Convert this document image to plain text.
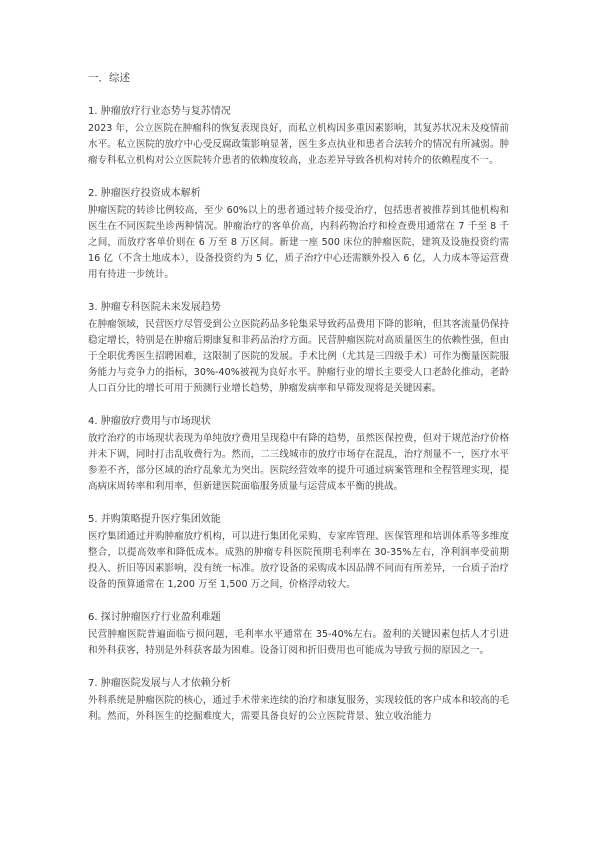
一．综述
1. 肿瘤放疗行业态势与复苏情况

2023 年，公立医院在肿瘤科的恢复表现良好，而私立机构因多重因素影响，其复苏状况未及疫情前水平。私立医院的放疗中心受反腐政策影响显著，医生多点执业和患者合法转介的情况有所减弱。肿瘤专科私立机构对公立医院转介患者的依赖度较高，业态差异导致各机构对转介的依赖程度不一。

2. 肿瘤医疗投资成本解析

肿瘤医院的转诊比例较高，至少 60%以上的患者通过转介接受治疗，包括患者被推荐到其他机构和医生在不同医院坐诊两种情况。肿瘤治疗的客单价高，内科药物治疗和检查费用通常在 7 千至 8 千之间，而放疗客单价则在 6 万至 8 万区间。新建一座 500 床位的肿瘤医院，建筑及设施投资约需 16 亿（不含土地成本），设备投资约为 5 亿，质子治疗中心还需额外投入 6 亿，人力成本等运营费用有待进一步统计。

3. 肿瘤专科医院未来发展趋势

在肿瘤领域，民营医疗尽管受到公立医院药品多轮集采导致药品费用下降的影响，但其客流量仍保持稳定增长，特别是在肿瘤后期康复和非药品治疗方面。民营肿瘤医院对高质量医生的依赖性强，但由于全职优秀医生招聘困难，这限制了医院的发展。手术比例（尤其是三四级手术）可作为衡量医院服务能力与竞争力的指标，30%-40%被视为良好水平。肿瘤行业的增长主要受人口老龄化推动，老龄人口百分比的增长可用于预测行业增长趋势，肿瘤发病率和早筛发现将是关键因素。

4. 肿瘤放疗费用与市场现状

放疗治疗的市场现状表现为单纯放疗费用呈现稳中有降的趋势，虽然医保控费，但对于规范治疗价格并未下调，同时打击乱收费行为。然而，二三线城市的放疗市场存在混乱，治疗剂量不一，医疗水平参差不齐，部分区域的治疗乱象尤为突出。医院经营效率的提升可通过病案管理和全程管理实现，提高病床周转率和利用率，但新建医院面临服务质量与运营成本平衡的挑战。

5. 并购策略提升医疗集团效能

医疗集团通过并购肿瘤放疗机构，可以进行集团化采购、专家库管理、医保管理和培训体系等多维度整合，以提高效率和降低成本。成熟的肿瘤专科医院预期毛利率在 30-35%左右，净利润率受前期投入、折旧等因素影响，没有统一标准。放疗设备的采购成本因品牌不同而有所差异，一台质子治疗设备的预算通常在 1,200 万至 1,500 万之间，价格浮动较大。

6. 探讨肿瘤医疗行业盈利难题

民营肿瘤医院普遍面临亏损问题，毛利率水平通常在 35-40%左右。盈利的关键因素包括人才引进和外科获客，特别是外科获客最为困难。设备订阅和折旧费用也可能成为导致亏损的原因之一。

7. 肿瘤医院发展与人才依赖分析

外科系统是肿瘤医院的核心，通过手术带来连续的治疗和康复服务，实现较低的客户成本和较高的毛利。然而，外科医生的挖掘难度大，需要具备良好的公立医院背景、独立收治能力
